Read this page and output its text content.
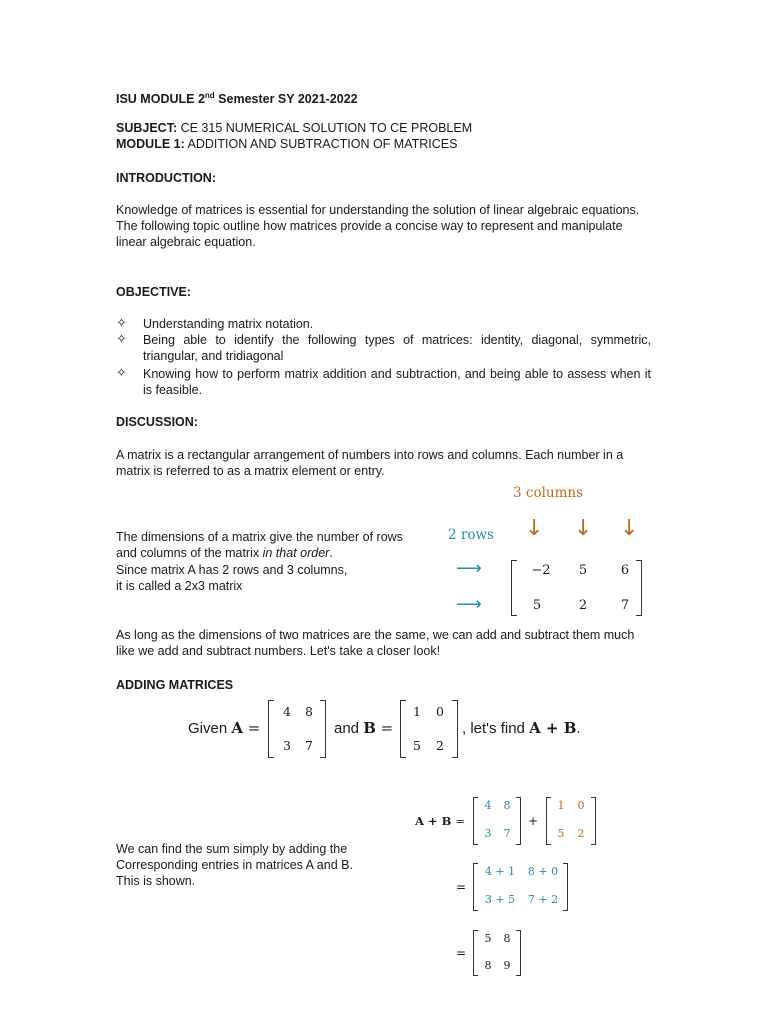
ISU MODULE 2nd Semester SY 2021-2022
SUBJECT: CE 315 NUMERICAL SOLUTION TO CE PROBLEM
MODULE 1: ADDITION AND SUBTRACTION OF MATRICES
INTRODUCTION:
Knowledge of matrices is essential for understanding the solution of linear algebraic equations.
The following topic outline how matrices provide a concise way to represent and manipulate
linear algebraic equation.
OBJECTIVE:
✧ Understanding matrix notation.
✧ Being able to identify the following types of matrices: identity, diagonal, symmetric, triangular, and tridiagonal
✧ Knowing how to perform matrix addition and subtraction, and being able to assess when it is feasible.
DISCUSSION:
A matrix is a rectangular arrangement of numbers into rows and columns. Each number in a
matrix is referred to as a matrix element or entry.
The dimensions of a matrix give the number of rows
and columns of the matrix in that order.
Since matrix A has 2 rows and 3 columns,
it is called a 2x3 matrix
3 columns
2 rows ↓ ↓ ↓
⟶
⟶
−2	5	6
5	2	7
As long as the dimensions of two matrices are the same, we can add and subtract them much
like we add and subtract numbers. Let's take a closer look!
ADDING MATRICES
Given A =
4	8
3	7
and B =
1	0
5	2
, let's find A + B.
We can find the sum simply by adding the
Corresponding entries in matrices A and B.
This is shown.
A + B =
4	8
3	7
+
1	0
5	2
=
4 + 1	8 + 0
3 + 5	7 + 2
=
5	8
8	9
